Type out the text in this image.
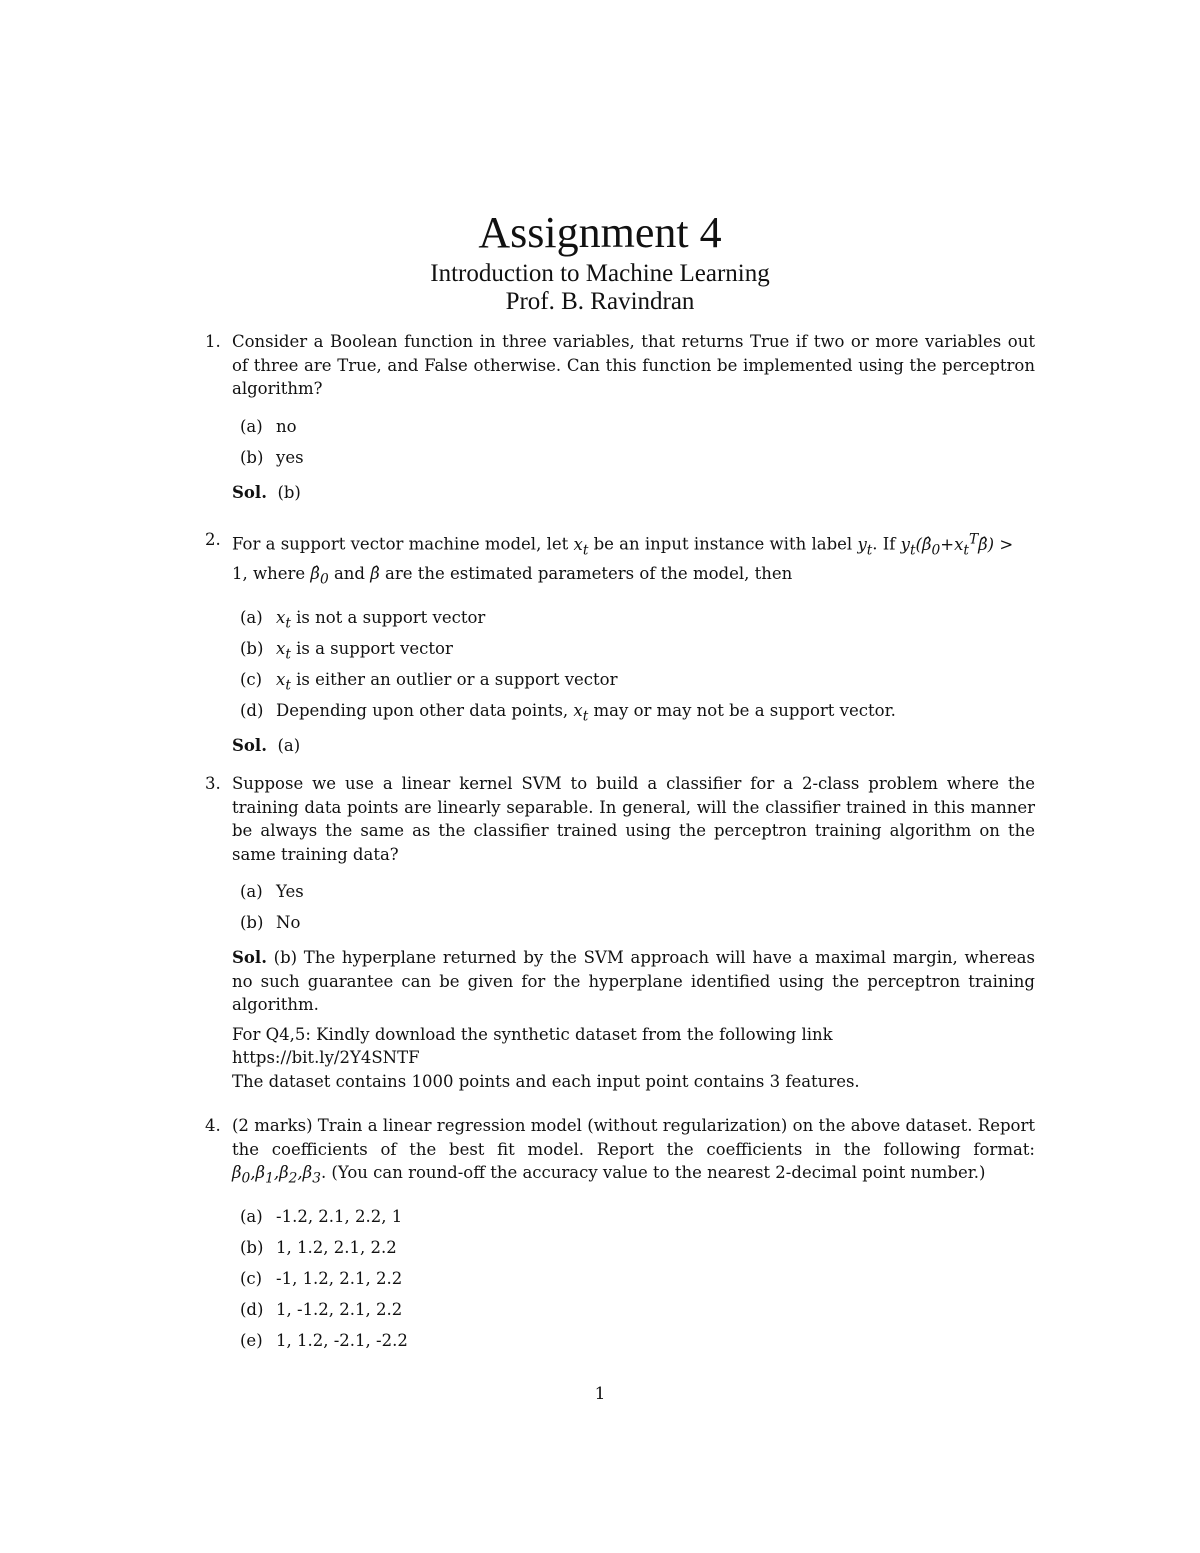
Assignment 4
Introduction to Machine Learning
Prof. B. Ravindran
1. Consider a Boolean function in three variables, that returns True if two or more variables out of three are True, and False otherwise. Can this function be implemented using the perceptron algorithm?
(a) no
(b) yes
Sol. (b)
2. For a support vector machine model, let $x_t$ be an input instance with label $y_t$. If $y_t(\betâ_0+x_t^T\betâ)$ >
1, where $\betâ_0$ and β̂ are the estimated parameters of the model, then
(a) $x_t$ is not a support vector
(b) $x_t$ is a support vector
(c) $x_t$ is either an outlier or a support vector
(d) Depending upon other data points, $x_t$ may or may not be a support vector.
Sol. (a)
3. Suppose we use a linear kernel SVM to build a classifier for a 2-class problem where the training data points are linearly separable. In general, will the classifier trained in this manner be always the same as the classifier trained using the perceptron training algorithm on the same training data?
(a) Yes
(b) No
Sol. (b) The hyperplane returned by the SVM approach will have a maximal margin, whereas no such guarantee can be given for the hyperplane identified using the perceptron training algorithm.
For Q4,5: Kindly download the synthetic dataset from the following link
https://bit.ly/2Y4SNTF
The dataset contains 1000 points and each input point contains 3 features.
4. (2 marks) Train a linear regression model (without regularization) on the above dataset. Report the coefficients of the best fit model. Report the coefficients in the following format: $\beta_0,\beta_1,\beta_2,\beta_3$. (You can round-off the accuracy value to the nearest 2-decimal point number.)
(a) -1.2, 2.1, 2.2, 1
(b) 1, 1.2, 2.1, 2.2
(c) -1, 1.2, 2.1, 2.2
(d) 1, -1.2, 2.1, 2.2
(e) 1, 1.2, -2.1, -2.2
1
